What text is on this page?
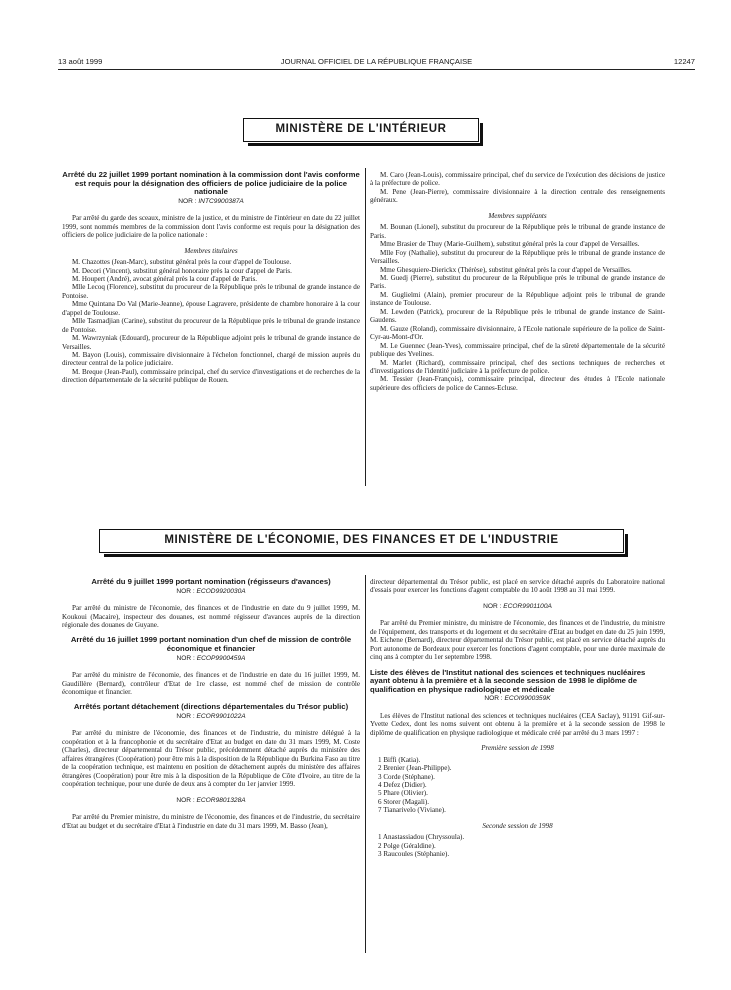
13 août 1999	JOURNAL OFFICIEL DE LA RÉPUBLIQUE FRANÇAISE	12247
MINISTÈRE DE L'INTÉRIEUR

Arrêté du 22 juillet 1999 portant nomination à la commission dont l'avis conforme est requis pour la désignation des officiers de police judiciaire de la police nationale

NOR : INTC9900387A

Par arrêté du garde des sceaux, ministre de la justice, et du ministre de l'intérieur en date du 22 juillet 1999, sont nommés membres de la commission dont l'avis conforme est requis pour la désignation des officiers de police judiciaire de la police nationale :

Membres titulaires

M. Chazottes (Jean-Marc), substitut général près la cour d'appel de Toulouse.

M. Decori (Vincent), substitut général honoraire près la cour d'appel de Paris.

M. Houpert (André), avocat général près la cour d'appel de Paris.

Mlle Lecoq (Florence), substitut du procureur de la République près le tribunal de grande instance de Pontoise.

Mme Quintana Do Val (Marie-Jeanne), épouse Lagravere, présidente de chambre honoraire à la cour d'appel de Toulouse.

Mlle Tasmadjian (Carine), substitut du procureur de la République près le tribunal de grande instance de Pontoise.

M. Wawrzyniak (Edouard), procureur de la République adjoint près le tribunal de grande instance de Versailles.

M. Bayon (Louis), commissaire divisionnaire à l'échelon fonctionnel, chargé de mission auprès du directeur central de la police judiciaire.

M. Breque (Jean-Paul), commissaire principal, chef du service d'investigations et de recherches de la direction départementale de la sécurité publique de Rouen.

M. Caro (Jean-Louis), commissaire principal, chef du service de l'exécution des décisions de justice à la préfecture de police.

M. Pene (Jean-Pierre), commissaire divisionnaire à la direction centrale des renseignements généraux.

Membres suppléants

M. Bounan (Lionel), substitut du procureur de la République près le tribunal de grande instance de Paris.

Mme Brasier de Thuy (Marie-Guilhem), substitut général près la cour d'appel de Versailles.

Mlle Foy (Nathalie), substitut du procureur de la République près le tribunal de grande instance de Versailles.

Mme Ghesquiere-Dierickx (Thérèse), substitut général près la cour d'appel de Versailles.

M. Guedj (Pierre), substitut du procureur de la République près le tribunal de grande instance de Paris.

M. Guglielmi (Alain), premier procureur de la République adjoint près le tribunal de grande instance de Toulouse.

M. Lewden (Patrick), procureur de la République près le tribunal de grande instance de Saint-Gaudens.

M. Gauze (Roland), commissaire divisionnaire, à l'Ecole nationale supérieure de la police de Saint-Cyr-au-Mont-d'Or.

M. Le Guennec (Jean-Yves), commissaire principal, chef de la sûreté départementale de la sécurité publique des Yvelines.

M. Marlet (Richard), commissaire principal, chef des sections techniques de recherches et d'investigations de l'identité judiciaire à la préfecture de police.

M. Tessier (Jean-François), commissaire principal, directeur des études à l'Ecole nationale supérieure des officiers de police de Cannes-Ecluse.

MINISTÈRE DE L'ÉCONOMIE, DES FINANCES ET DE L'INDUSTRIE

Arrêté du 9 juillet 1999 portant nomination (régisseurs d'avances)

NOR : ECOD9920030A

Par arrêté du ministre de l'économie, des finances et de l'industrie en date du 9 juillet 1999, M. Koukoui (Macaire), inspecteur des douanes, est nommé régisseur d'avances auprès de la direction régionale des douanes de Guyane.

Arrêté du 16 juillet 1999 portant nomination d'un chef de mission de contrôle économique et financier

NOR : ECOP9900459A

Par arrêté du ministre de l'économie, des finances et de l'industrie en date du 16 juillet 1999, M. Gaudillère (Bernard), contrôleur d'Etat de 1re classe, est nommé chef de mission de contrôle économique et financier.

Arrêtés portant détachement (directions départementales du Trésor public)

NOR : ECOR9901022A

Par arrêté du ministre de l'économie, des finances et de l'industrie, du ministre délégué à la coopération et à la francophonie et du secrétaire d'Etat au budget en date du 31 mars 1999, M. Coste (Charles), directeur départemental du Trésor public, précédemment détaché auprès du ministère des affaires étrangères (Coopération) pour être mis à la disposition de la République du Burkina Faso au titre de la coopération technique, est maintenu en position de détachement auprès du ministère des affaires étrangères (Coopération) pour être mis à la disposition de la République de Côte d'Ivoire, au titre de la coopération technique, pour une durée de deux ans à compter du 1er janvier 1999.

NOR : ECOR9801328A

Par arrêté du Premier ministre, du ministre de l'économie, des finances et de l'industrie, du secrétaire d'Etat au budget et du secrétaire d'Etat à l'industrie en date du 31 mars 1999, M. Basso (Jean),

directeur départemental du Trésor public, est placé en service détaché auprès du Laboratoire national d'essais pour exercer les fonctions d'agent comptable du 10 août 1998 au 31 mai 1999.

NOR : ECOR9901100A

Par arrêté du Premier ministre, du ministre de l'économie, des finances et de l'industrie, du ministre de l'équipement, des transports et du logement et du secrétaire d'Etat au budget en date du 25 juin 1999, M. Eichene (Bernard), directeur départemental du Trésor public, est placé en service détaché auprès du Port autonome de Bordeaux pour exercer les fonctions d'agent comptable, pour une durée maximale de cinq ans à compter du 1er septembre 1998.

Liste des élèves de l'Institut national des sciences et techniques nucléaires ayant obtenu à la première et à la seconde session de 1998 le diplôme de qualification en physique radiologique et médicale

NOR : ECOI9900359K

Les élèves de l'Institut national des sciences et techniques nucléaires (CEA Saclay), 91191 Gif-sur-Yvette Cedex, dont les noms suivent ont obtenu à la première et à la seconde session de 1998 le diplôme de qualification en physique radiologique et médicale créé par arrêté du 3 mars 1997 :

Première session de 1998

1 Biffi (Katia).

2 Brenier (Jean-Philippe).

3 Corde (Stéphane).

4 Defez (Didier).

5 Phare (Olivier).

6 Storer (Magali).

7 Tianarivelo (Viviane).

Seconde session de 1998

1 Anastassiadou (Chryssoula).

2 Polge (Géraldine).

3 Raucoules (Stéphanie).
